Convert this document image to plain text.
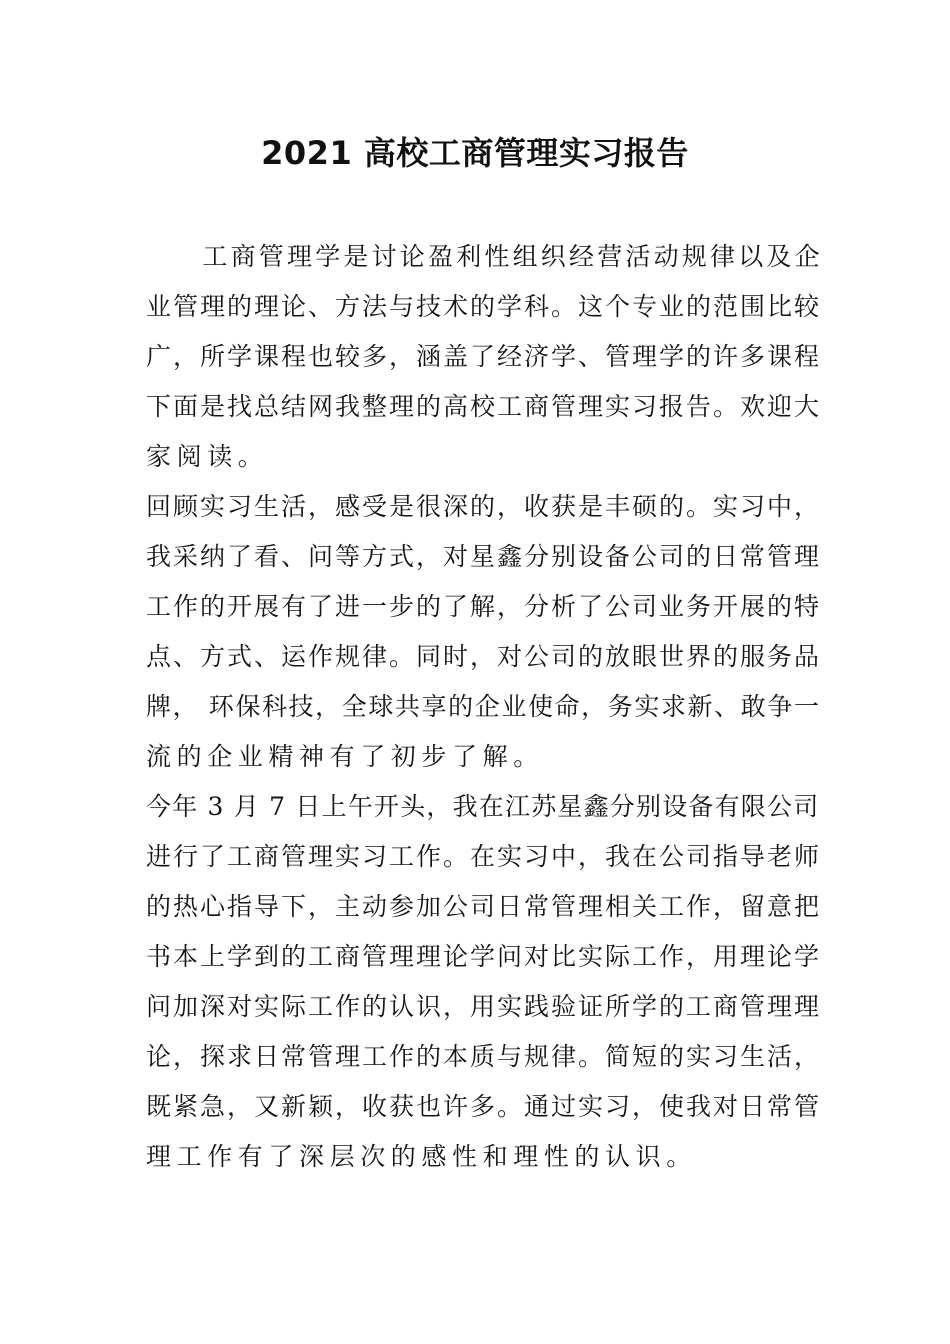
2021 高校工商管理实习报告
　　工商管理学是讨论盈利性组织经营活动规律以及企
业管理的理论、方法与技术的学科。这个专业的范围比较
广，所学课程也较多，涵盖了经济学、管理学的许多课程
下面是找总结网我整理的高校工商管理实习报告。欢迎大
家阅读。
回顾实习生活，感受是很深的，收获是丰硕的。实习中，
我采纳了看、问等方式，对星鑫分别设备公司的日常管理
工作的开展有了进一步的了解，分析了公司业务开展的特
点、方式、运作规律。同时，对公司的放眼世界的服务品
牌， 环保科技，全球共享的企业使命，务实求新、敢争一
流的企业精神有了初步了解。
今年 3 月 7 日上午开头，我在江苏星鑫分别设备有限公司
进行了工商管理实习工作。在实习中，我在公司指导老师
的热心指导下，主动参加公司日常管理相关工作，留意把
书本上学到的工商管理理论学问对比实际工作，用理论学
问加深对实际工作的认识，用实践验证所学的工商管理理
论，探求日常管理工作的本质与规律。简短的实习生活，
既紧急，又新颖，收获也许多。通过实习，使我对日常管
理工作有了深层次的感性和理性的认识。
